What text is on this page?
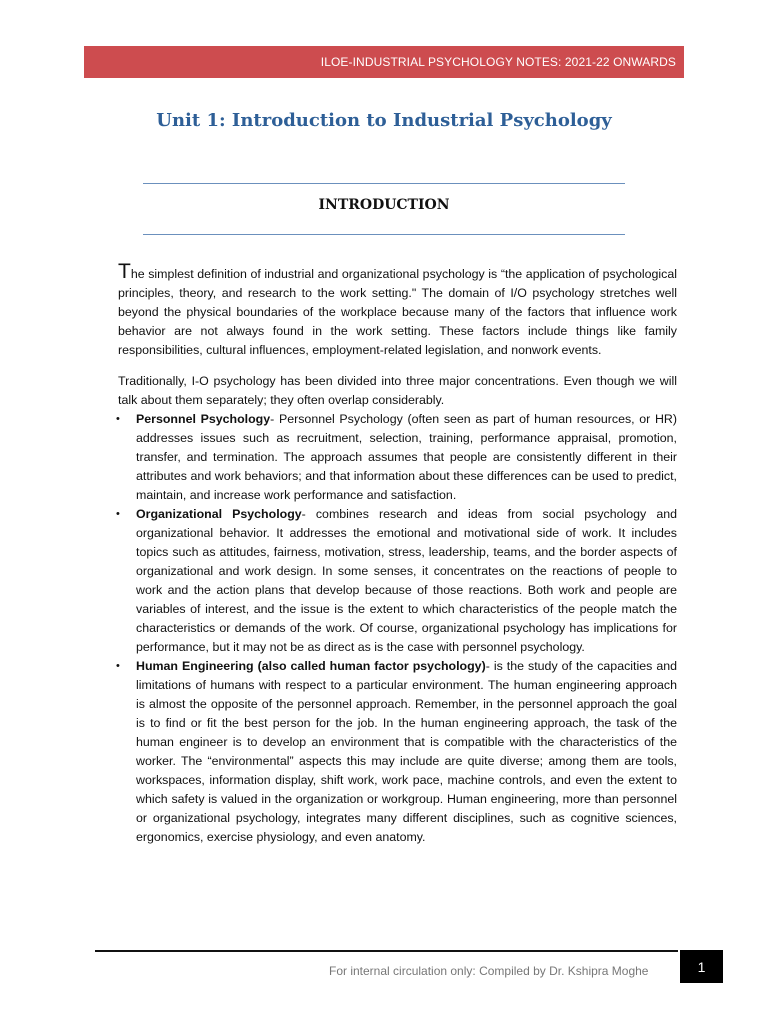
ILOE-INDUSTRIAL PSYCHOLOGY NOTES: 2021-22 ONWARDS
Unit 1: Introduction to Industrial Psychology
INTRODUCTION

The simplest definition of industrial and organizational psychology is “the application of psychological principles, theory, and research to the work setting." The domain of I/O psychology stretches well beyond the physical boundaries of the workplace because many of the factors that influence work behavior are not always found in the work setting. These factors include things like family responsibilities, cultural influences, employment-related legislation, and nonwork events.

Traditionally, I-O psychology has been divided into three major concentrations. Even though we will talk about them separately; they often overlap considerably.

•	Personnel Psychology- Personnel Psychology (often seen as part of human resources, or HR) addresses issues such as recruitment, selection, training, performance appraisal, promotion, transfer, and termination. The approach assumes that people are consistently different in their attributes and work behaviors; and that information about these differences can be used to predict, maintain, and increase work performance and satisfaction.
•	Organizational Psychology- combines research and ideas from social psychology and organizational behavior. It addresses the emotional and motivational side of work. It includes topics such as attitudes, fairness, motivation, stress, leadership, teams, and the border aspects of organizational and work design. In some senses, it concentrates on the reactions of people to work and the action plans that develop because of those reactions. Both work and people are variables of interest, and the issue is the extent to which characteristics of the people match the characteristics or demands of the work. Of course, organizational psychology has implications for performance, but it may not be as direct as is the case with personnel psychology.
•	Human Engineering (also called human factor psychology)- is the study of the capacities and limitations of humans with respect to a particular environment. The human engineering approach is almost the opposite of the personnel approach. Remember, in the personnel approach the goal is to find or fit the best person for the job. In the human engineering approach, the task of the human engineer is to develop an environment that is compatible with the characteristics of the worker. The “environmental” aspects this may include are quite diverse; among them are tools, workspaces, information display, shift work, work pace, machine controls, and even the extent to which safety is valued in the organization or workgroup. Human engineering, more than personnel or organizational psychology, integrates many different disciplines, such as cognitive sciences, ergonomics, exercise physiology, and even anatomy.
For internal circulation only: Compiled by Dr. Kshipra Moghe	1
